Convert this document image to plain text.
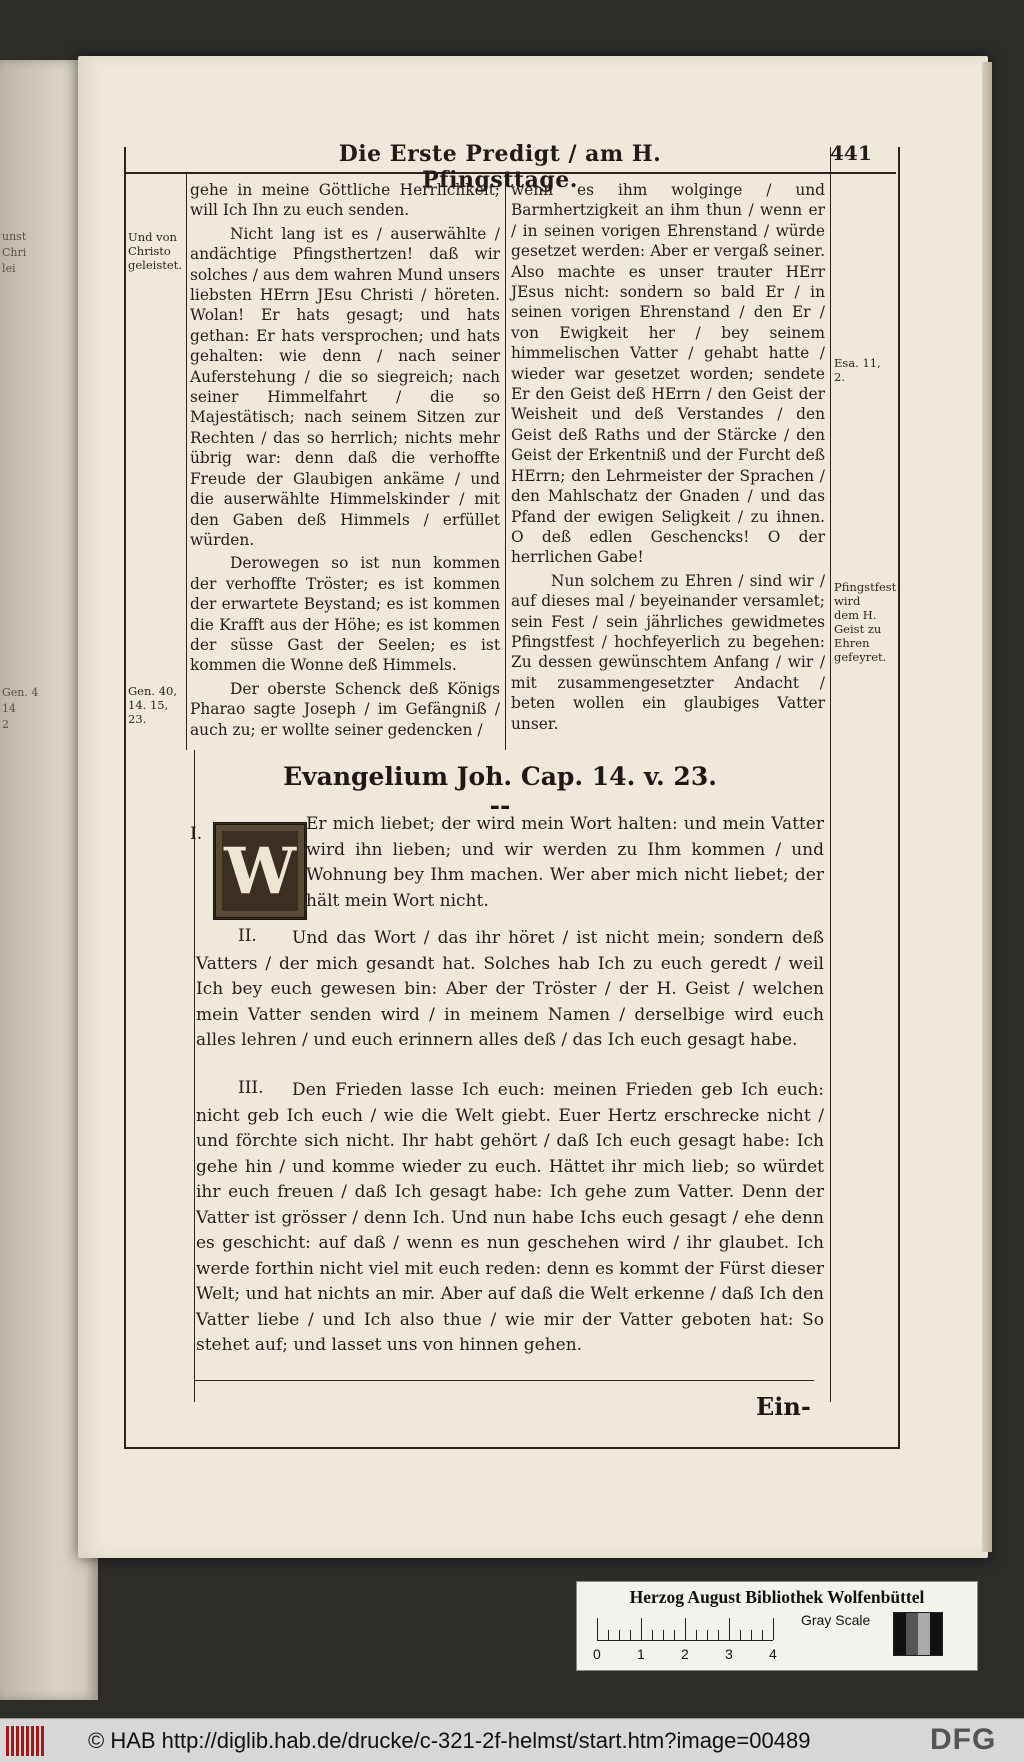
unst
Chri
lei
Gen. 4
14
2
Die Erste Predigt / am H. Pfingsttage.
441
Und von Christo geleistet.
Gen. 40, 14. 15, 23.
Esa. 11, 2.
Pfingstfest wird dem H. Geist zu Ehren gefeyret.

gehe in meine Göttliche Herrlichkeit; will Ich Ihn zu euch senden.

Nicht lang ist es / auserwählte / andächtige Pfingsthertzen! daß wir solches / aus dem wahren Mund unsers liebsten HErrn JEsu Christi / höreten. Wolan! Er hats gesagt; und hats gethan: Er hats versprochen; und hats gehalten: wie denn / nach seiner Auferstehung / die so siegreich; nach seiner Himmelfahrt / die so Majestätisch; nach seinem Sitzen zur Rechten / das so herrlich; nichts mehr übrig war: denn daß die verhoffte Freude der Glaubigen ankäme / und die auserwählte Himmelskinder / mit den Gaben deß Himmels / erfüllet würden.

Derowegen so ist nun kommen der verhoffte Tröster; es ist kommen der erwartete Beystand; es ist kommen die Krafft aus der Höhe; es ist kommen der süsse Gast der Seelen; es ist kommen die Wonne deß Himmels.

Der oberste Schenck deß Königs Pharao sagte Joseph / im Gefängniß / auch zu; er wollte seiner gedencken /

wenn es ihm wolginge / und Barmhertzigkeit an ihm thun / wenn er / in seinen vorigen Ehrenstand / würde gesetzet werden: Aber er vergaß seiner. Also machte es unser trauter HErr JEsus nicht: sondern so bald Er / in seinen vorigen Ehrenstand / den Er / von Ewigkeit her / bey seinem himmelischen Vatter / gehabt hatte / wieder war gesetzet worden; sendete Er den Geist deß HErrn / den Geist der Weisheit und deß Verstandes / den Geist deß Raths und der Stärcke / den Geist der Erkentniß und der Furcht deß HErrn; den Lehrmeister der Sprachen / den Mahlschatz der Gnaden / und das Pfand der ewigen Seligkeit / zu ihnen. O deß edlen Geschencks! O der herrlichen Gabe!

Nun solchem zu Ehren / sind wir / auf dieses mal / beyeinander versamlet; sein Fest / sein jährliches gewidmetes Pfingstfest / hochfeyerlich zu begehen: Zu dessen gewünschtem Anfang / wir / mit zusammengesetzter Andacht / beten wollen ein glaubiges Vatter unser.

Evangelium Joh. Cap. 14. v. 23. --
I. W
Er mich liebet; der wird mein Wort halten: und mein Vatter wird ihn lieben; und wir werden zu Ihm kommen / und Wohnung bey Ihm machen. Wer aber mich nicht liebet; der hält mein Wort nicht.
II.	Und das Wort / das ihr höret / ist nicht mein; sondern deß Vatters / der mich gesandt hat. Solches hab Ich zu euch geredt / weil Ich bey euch gewesen bin: Aber der Tröster / der H. Geist / welchen mein Vatter senden wird / in meinem Namen / derselbige wird euch alles lehren / und euch erinnern alles deß / das Ich euch gesagt habe.
III.	Den Frieden lasse Ich euch: meinen Frieden geb Ich euch: nicht geb Ich euch / wie die Welt giebt. Euer Hertz erschrecke nicht / und förchte sich nicht. Ihr habt gehört / daß Ich euch gesagt habe: Ich gehe hin / und komme wieder zu euch. Hättet ihr mich lieb; so würdet ihr euch freuen / daß Ich gesagt habe: Ich gehe zum Vatter. Denn der Vatter ist grösser / denn Ich. Und nun habe Ichs euch gesagt / ehe denn es geschicht: auf daß / wenn es nun geschehen wird / ihr glaubet. Ich werde forthin nicht viel mit euch reden: denn es kommt der Fürst dieser Welt; und hat nichts an mir. Aber auf daß die Welt erkenne / daß Ich den Vatter liebe / und Ich also thue / wie mir der Vatter geboten hat: So stehet auf; und lasset uns von hinnen gehen.
Ein-
Herzog August Bibliothek Wolfenbüttel
0	1	2	3	4
Gray Scale
© HAB http://diglib.hab.de/drucke/c-321-2f-helmst/start.htm?image=00489	DFG
